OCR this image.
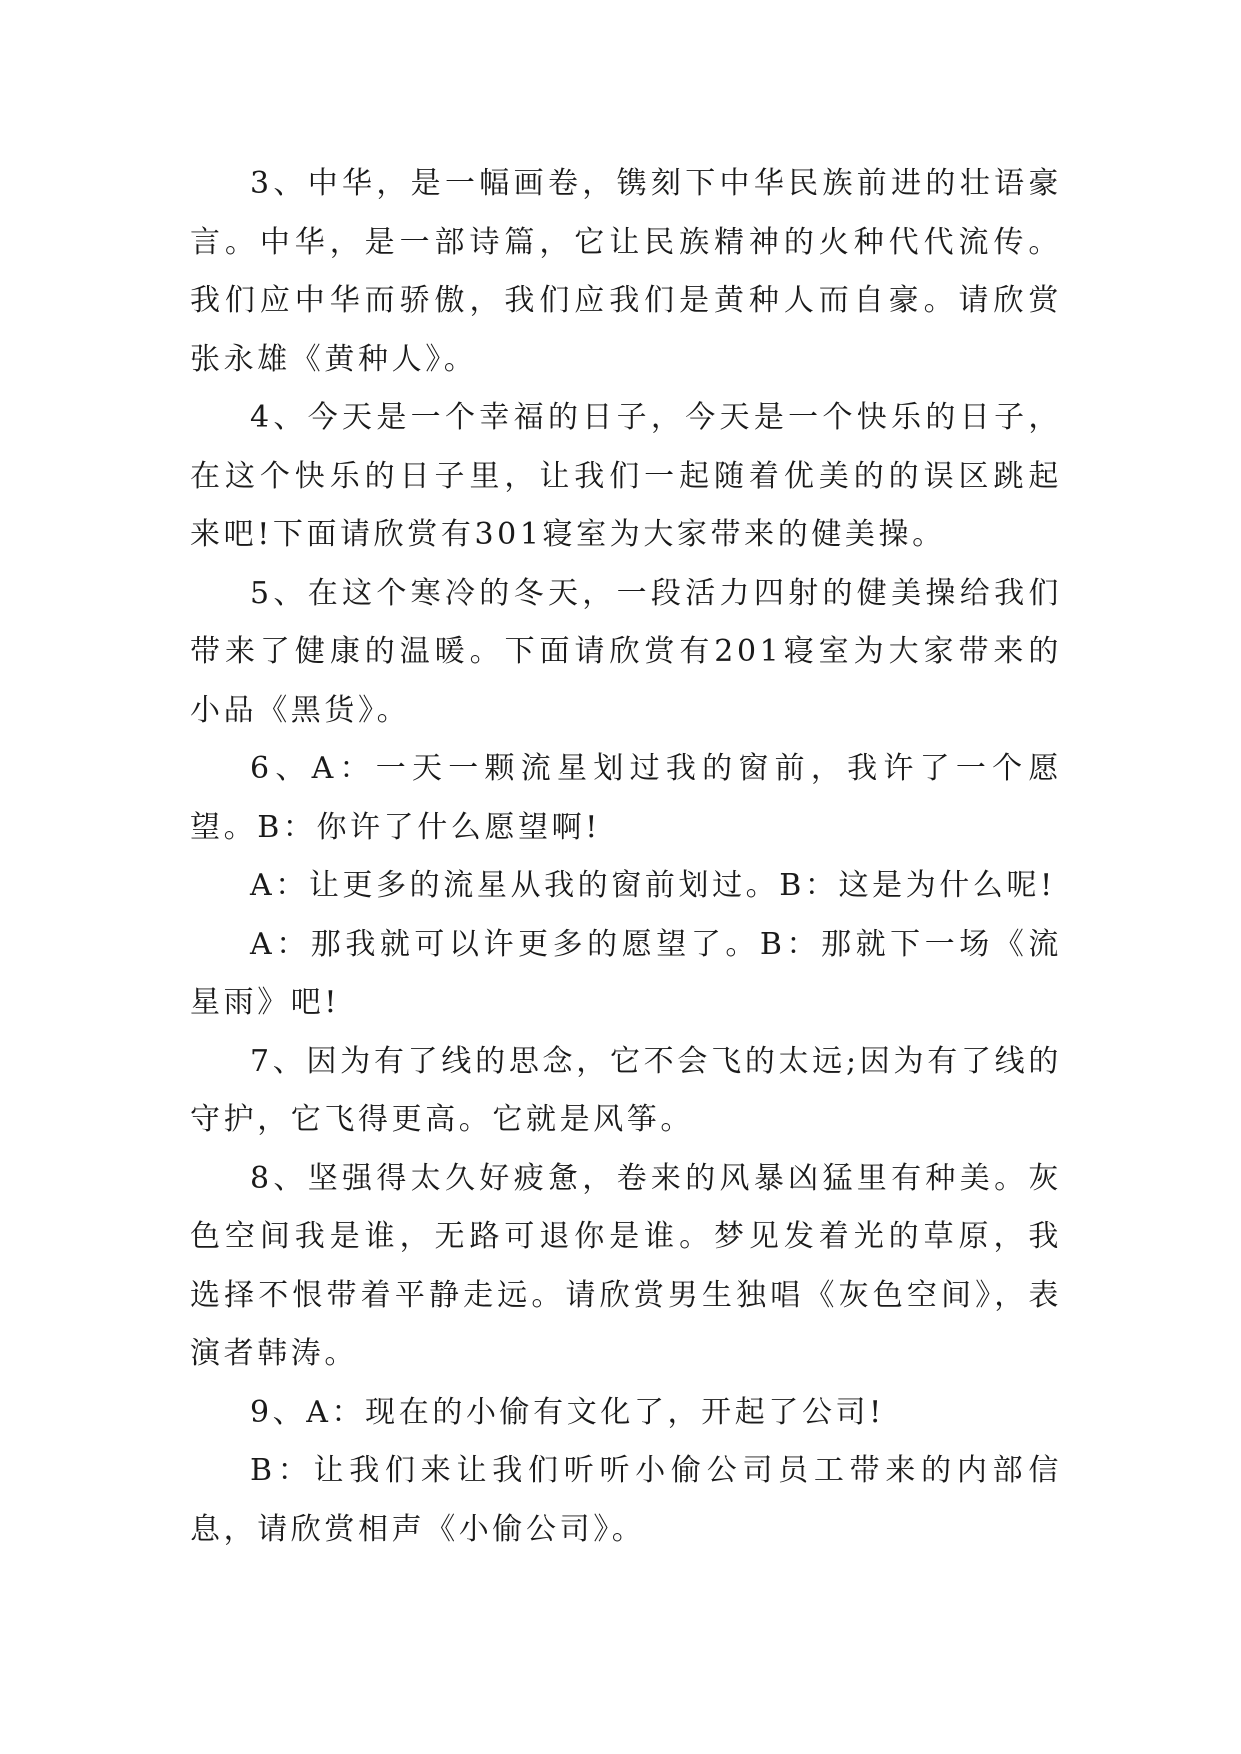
3、中华，是一幅画卷，镌刻下中华民族前进的壮语豪言。中华，是一部诗篇，它让民族精神的火种代代流传。我们应中华而骄傲，我们应我们是黄种人而自豪。请欣赏张永雄《黄种人》。

4、今天是一个幸福的日子，今天是一个快乐的日子，在这个快乐的日子里，让我们一起随着优美的的误区跳起来吧!下面请欣赏有301寝室为大家带来的健美操。

5、在这个寒冷的冬天，一段活力四射的健美操给我们带来了健康的温暖。下面请欣赏有201寝室为大家带来的小品《黑货》。

6、A：一天一颗流星划过我的窗前，我许了一个愿望。B：你许了什么愿望啊!

A：让更多的流星从我的窗前划过。B：这是为什么呢!

A：那我就可以许更多的愿望了。B：那就下一场《流星雨》吧!

7、因为有了线的思念，它不会飞的太远;因为有了线的守护，它飞得更高。它就是风筝。

8、坚强得太久好疲惫，卷来的风暴凶猛里有种美。灰色空间我是谁，无路可退你是谁。梦见发着光的草原，我选择不恨带着平静走远。请欣赏男生独唱《灰色空间》，表演者韩涛。

9、A：现在的小偷有文化了，开起了公司!

B：让我们来让我们听听小偷公司员工带来的内部信息，请欣赏相声《小偷公司》。
